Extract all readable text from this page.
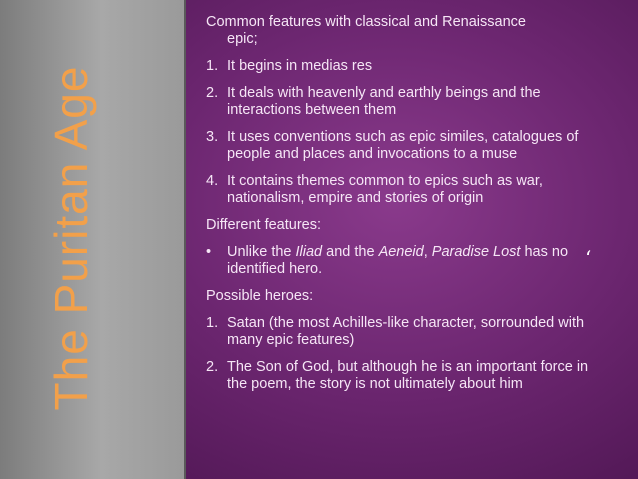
The Puritan Age
Common features with classical and Renaissance
epic;
1. It begins in medias res
2. It deals with heavenly and earthly beings and the interactions between them
3. It uses conventions such as epic similes, catalogues of people and places and invocations to a muse
4. It contains themes common to epics such as war, nationalism, empire and stories of origin
Different features:
• Unlike the Iliad and the Aeneid, Paradise Lost has no identified hero.
Possible heroes:
1. Satan (the most Achilles-like character, sorrounded with many epic features)
2. The Son of God, but although he is an important force in the poem, the story is not ultimately about him
‘
